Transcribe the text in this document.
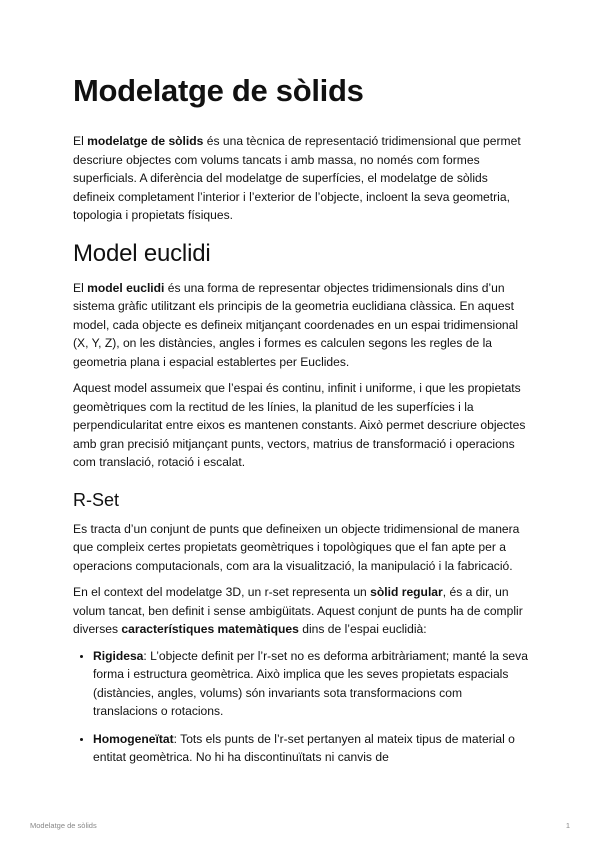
Modelatge de sòlids

El modelatge de sòlids és una tècnica de representació tridimensional que permet descriure objectes com volums tancats i amb massa, no només com formes superficials. A diferència del modelatge de superfícies, el modelatge de sòlids defineix completament l’interior i l’exterior de l’objecte, incloent la seva geometria, topologia i propietats físiques.

Model euclidi

El model euclidi és una forma de representar objectes tridimensionals dins d’un sistema gràfic utilitzant els principis de la geometria euclidiana clàssica. En aquest model, cada objecte es defineix mitjançant coordenades en un espai tridimensional (X, Y, Z), on les distàncies, angles i formes es calculen segons les regles de la geometria plana i espacial establertes per Euclides.

Aquest model assumeix que l’espai és continu, infinit i uniforme, i que les propietats geomètriques com la rectitud de les línies, la planitud de les superfícies i la perpendicularitat entre eixos es mantenen constants. Això permet descriure objectes amb gran precisió mitjançant punts, vectors, matrius de transformació i operacions com translació, rotació i escalat.

R-Set

Es tracta d’un conjunt de punts que defineixen un objecte tridimensional de manera que compleix certes propietats geomètriques i topològiques que el fan apte per a operacions computacionals, com ara la visualització, la manipulació i la fabricació.

En el context del modelatge 3D, un r-set representa un sòlid regular, és a dir, un volum tancat, ben definit i sense ambigüitats. Aquest conjunt de punts ha de complir diverses característiques matemàtiques dins de l’espai euclidià:

• Rigidesa: L’objecte definit per l’r-set no es deforma arbitràriament; manté la seva forma i estructura geomètrica. Això implica que les seves propietats espacials (distàncies, angles, volums) són invariants sota transformacions com translacions o rotacions.
• Homogeneïtat: Tots els punts de l’r-set pertanyen al mateix tipus de material o entitat geomètrica. No hi ha discontinuïtats ni canvis de
Modelatge de sòlids	1
